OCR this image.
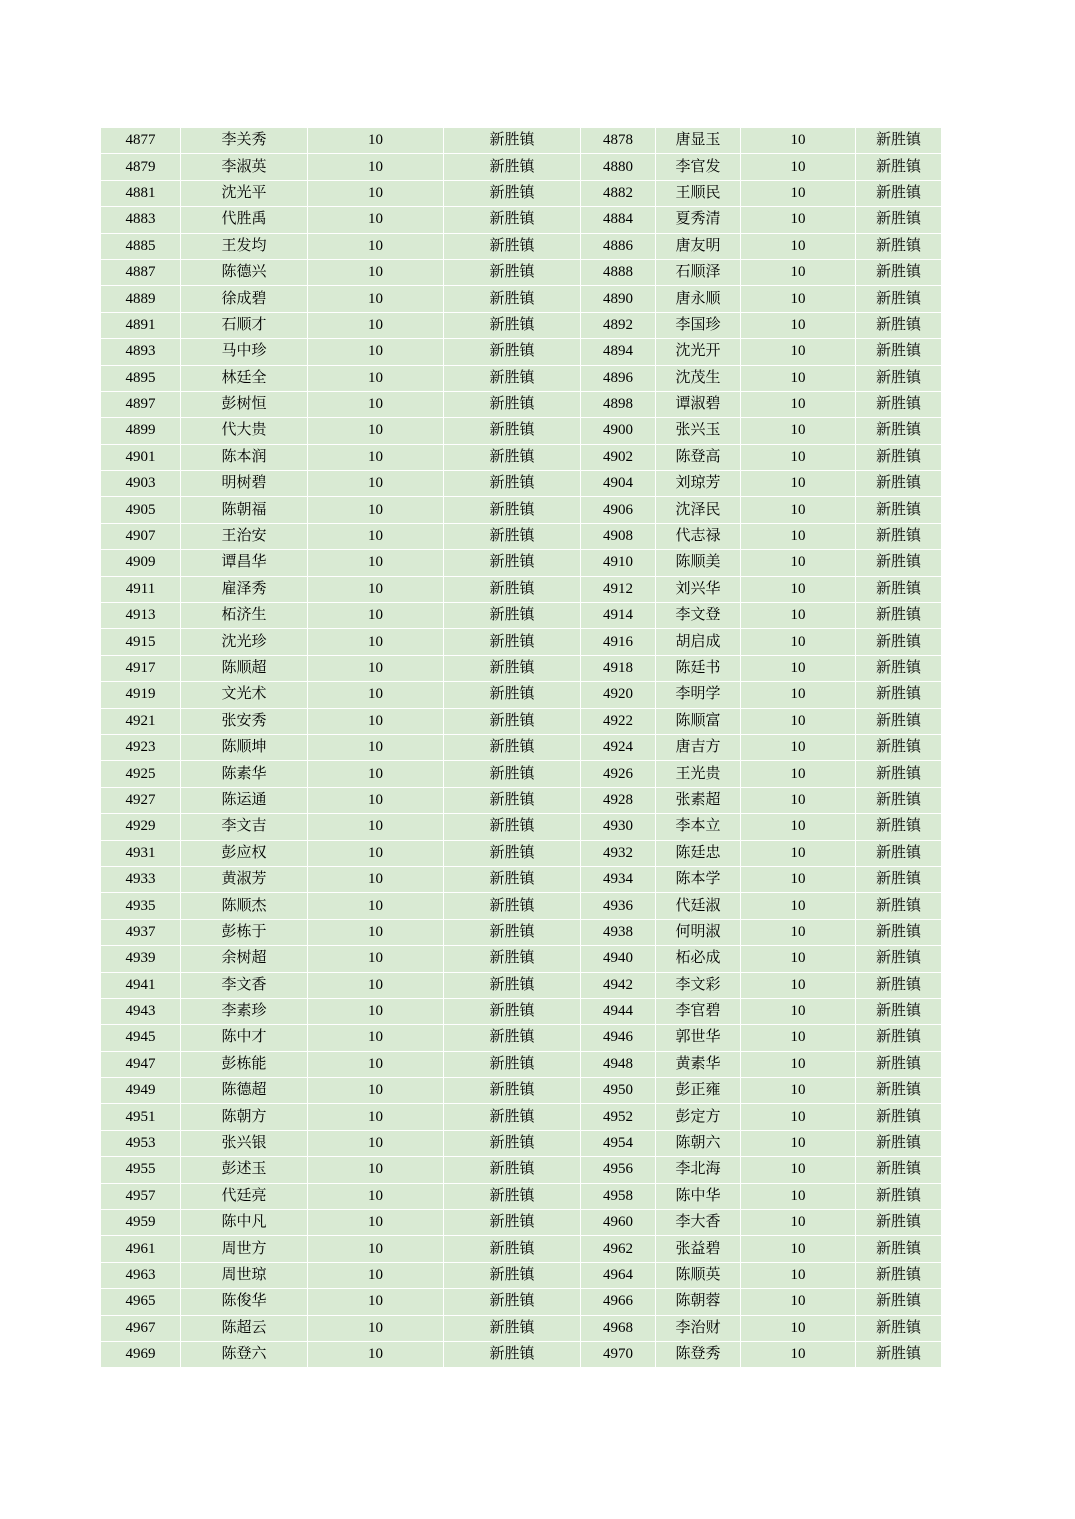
4877	李关秀	10	新胜镇	4878	唐显玉	10	新胜镇
4879	李淑英	10	新胜镇	4880	李官发	10	新胜镇
4881	沈光平	10	新胜镇	4882	王顺民	10	新胜镇
4883	代胜禹	10	新胜镇	4884	夏秀清	10	新胜镇
4885	王发均	10	新胜镇	4886	唐友明	10	新胜镇
4887	陈德兴	10	新胜镇	4888	石顺泽	10	新胜镇
4889	徐成碧	10	新胜镇	4890	唐永顺	10	新胜镇
4891	石顺才	10	新胜镇	4892	李国珍	10	新胜镇
4893	马中珍	10	新胜镇	4894	沈光开	10	新胜镇
4895	林廷全	10	新胜镇	4896	沈茂生	10	新胜镇
4897	彭树恒	10	新胜镇	4898	谭淑碧	10	新胜镇
4899	代大贵	10	新胜镇	4900	张兴玉	10	新胜镇
4901	陈本润	10	新胜镇	4902	陈登高	10	新胜镇
4903	明树碧	10	新胜镇	4904	刘琼芳	10	新胜镇
4905	陈朝福	10	新胜镇	4906	沈泽民	10	新胜镇
4907	王治安	10	新胜镇	4908	代志禄	10	新胜镇
4909	谭昌华	10	新胜镇	4910	陈顺美	10	新胜镇
4911	雇泽秀	10	新胜镇	4912	刘兴华	10	新胜镇
4913	柘济生	10	新胜镇	4914	李文登	10	新胜镇
4915	沈光珍	10	新胜镇	4916	胡启成	10	新胜镇
4917	陈顺超	10	新胜镇	4918	陈廷书	10	新胜镇
4919	文光术	10	新胜镇	4920	李明学	10	新胜镇
4921	张安秀	10	新胜镇	4922	陈顺富	10	新胜镇
4923	陈顺坤	10	新胜镇	4924	唐吉方	10	新胜镇
4925	陈素华	10	新胜镇	4926	王光贵	10	新胜镇
4927	陈运通	10	新胜镇	4928	张素超	10	新胜镇
4929	李文吉	10	新胜镇	4930	李本立	10	新胜镇
4931	彭应权	10	新胜镇	4932	陈廷忠	10	新胜镇
4933	黄淑芳	10	新胜镇	4934	陈本学	10	新胜镇
4935	陈顺杰	10	新胜镇	4936	代廷淑	10	新胜镇
4937	彭栋于	10	新胜镇	4938	何明淑	10	新胜镇
4939	余树超	10	新胜镇	4940	柘必成	10	新胜镇
4941	李文香	10	新胜镇	4942	李文彩	10	新胜镇
4943	李素珍	10	新胜镇	4944	李官碧	10	新胜镇
4945	陈中才	10	新胜镇	4946	郭世华	10	新胜镇
4947	彭栋能	10	新胜镇	4948	黄素华	10	新胜镇
4949	陈德超	10	新胜镇	4950	彭正雍	10	新胜镇
4951	陈朝方	10	新胜镇	4952	彭定方	10	新胜镇
4953	张兴银	10	新胜镇	4954	陈朝六	10	新胜镇
4955	彭述玉	10	新胜镇	4956	李北海	10	新胜镇
4957	代廷亮	10	新胜镇	4958	陈中华	10	新胜镇
4959	陈中凡	10	新胜镇	4960	李大香	10	新胜镇
4961	周世方	10	新胜镇	4962	张益碧	10	新胜镇
4963	周世琼	10	新胜镇	4964	陈顺英	10	新胜镇
4965	陈俊华	10	新胜镇	4966	陈朝蓉	10	新胜镇
4967	陈超云	10	新胜镇	4968	李治财	10	新胜镇
4969	陈登六	10	新胜镇	4970	陈登秀	10	新胜镇
